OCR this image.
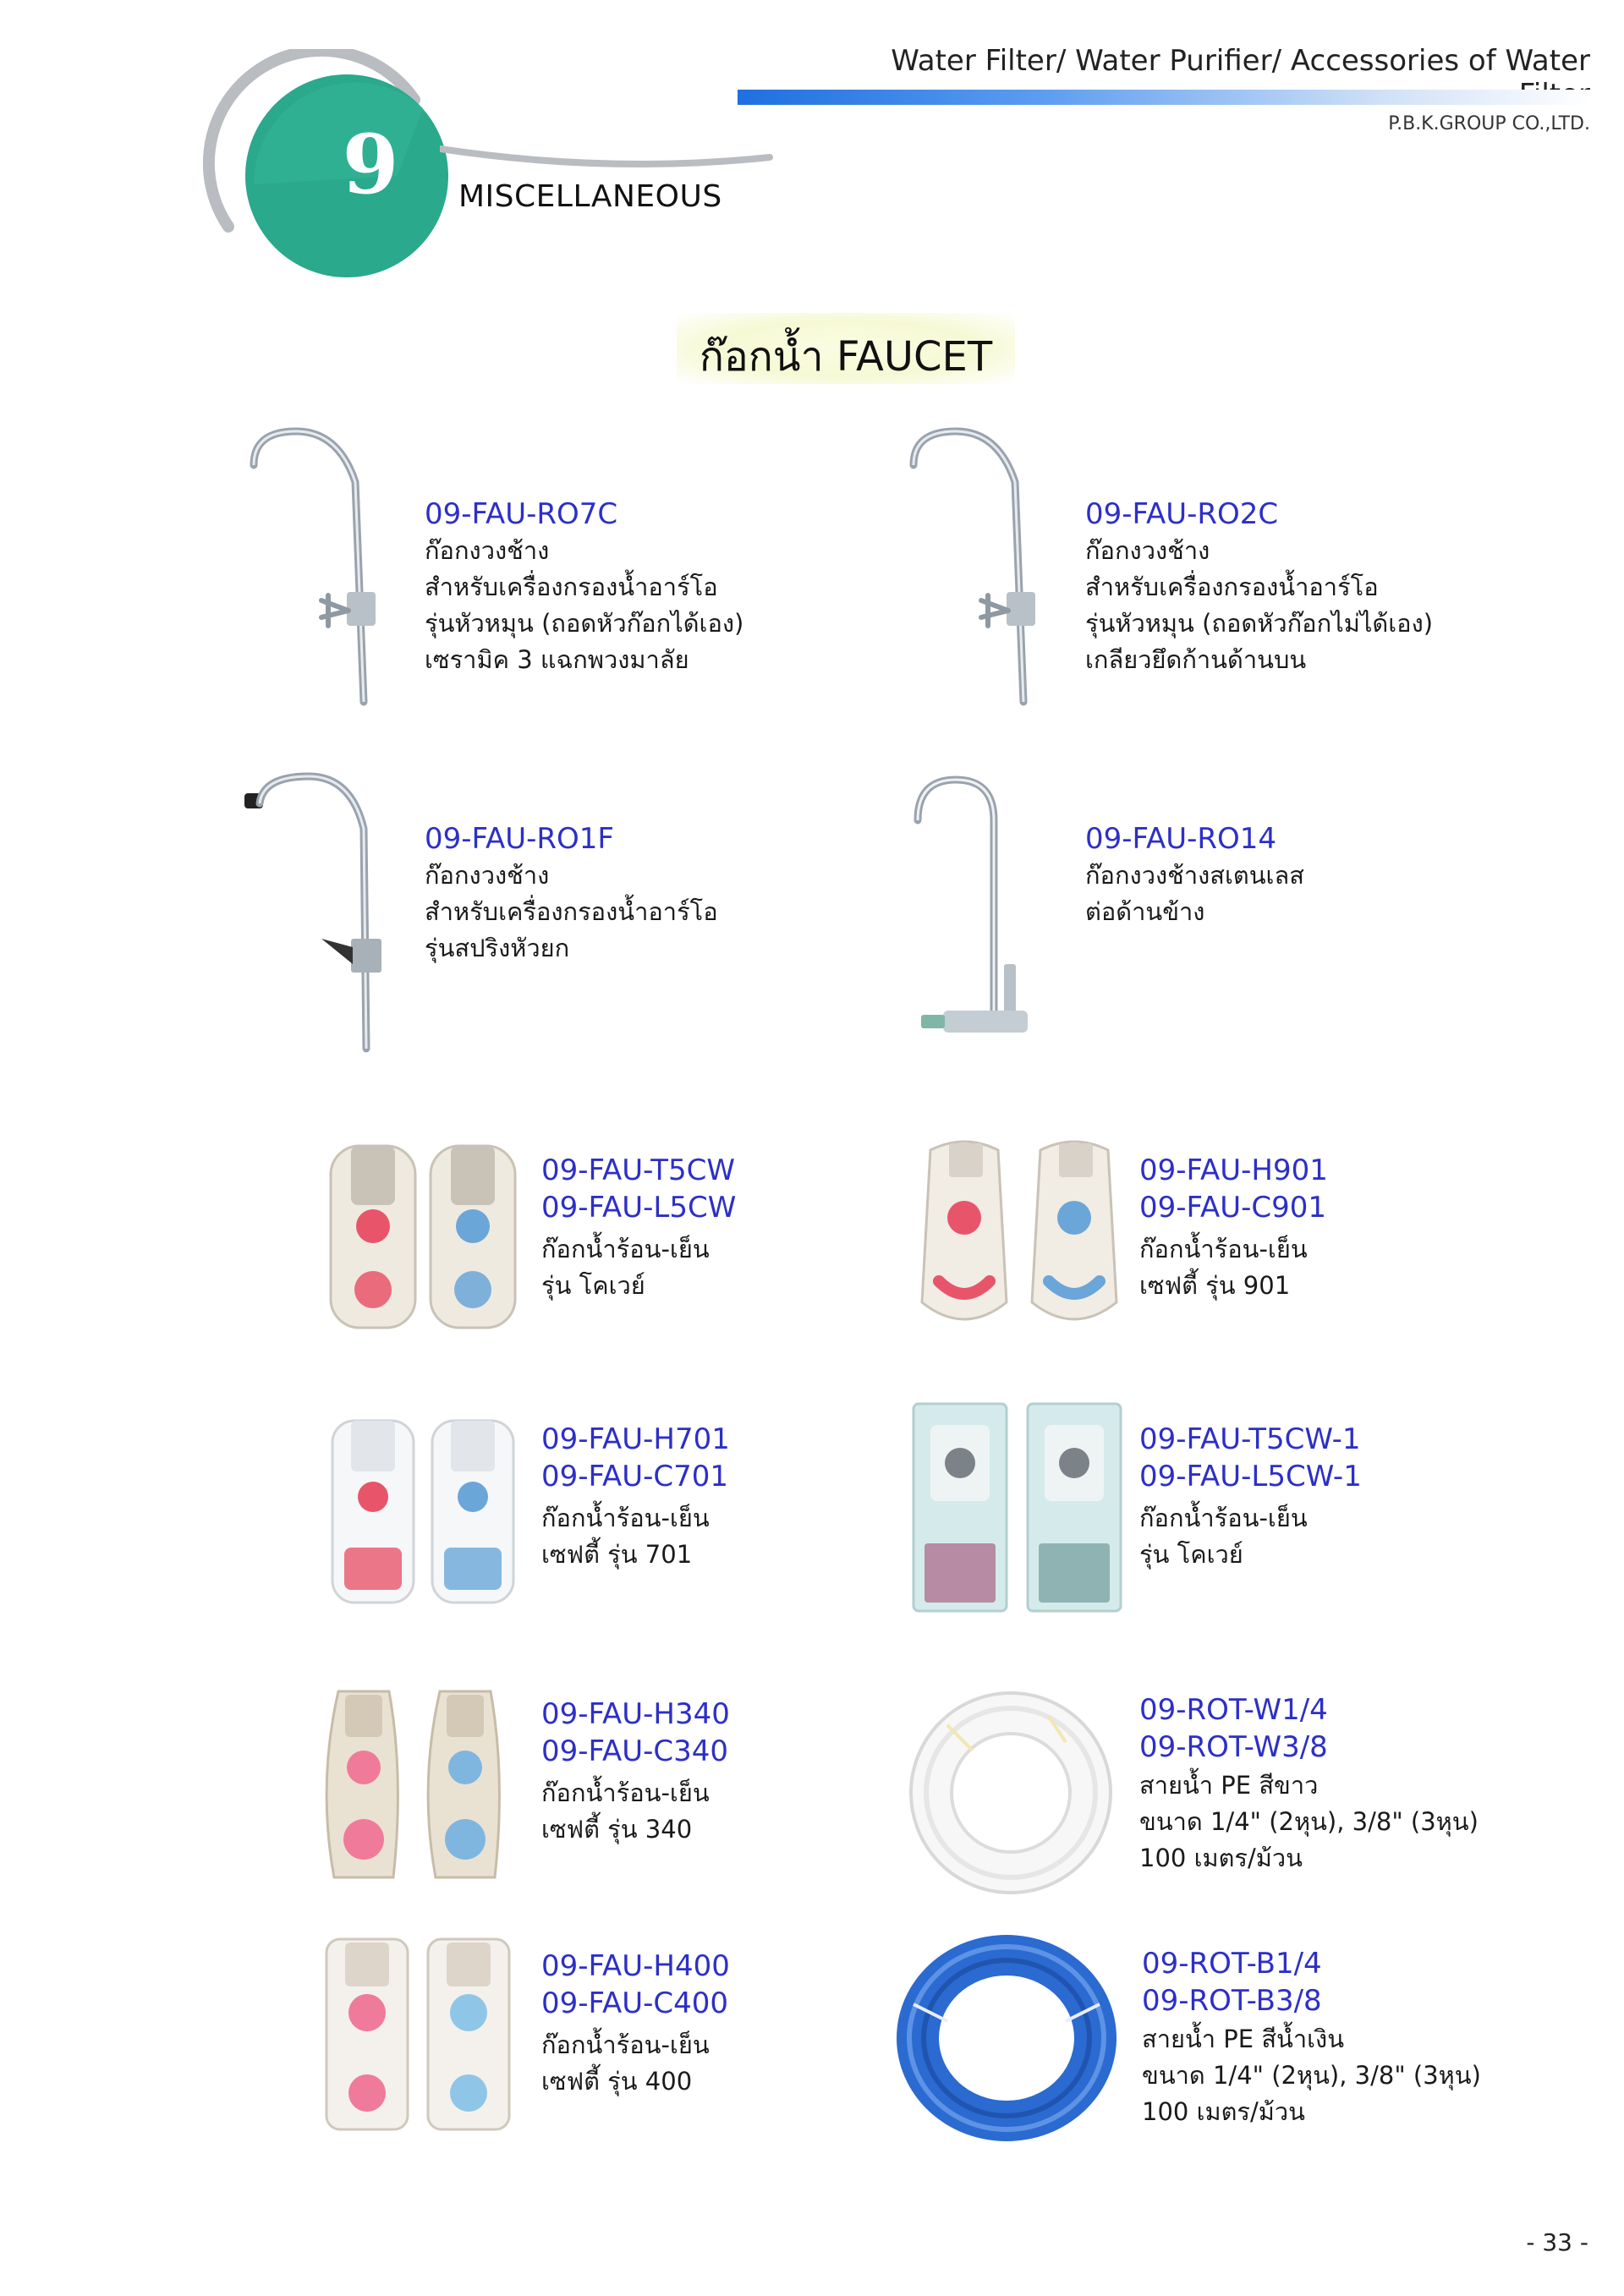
Water Filter/ Water Purifier/ Accessories of Water
P.B.K.GROUP CO.,LTD.
9 MISCELLANEOUS
ก๊อกน้ำ FAUCET
09-FAU-RO7C
ก๊อกงวงช้าง
สำหรับเครื่องกรองน้ำอาร์โอ
รุ่นหัวหมุน (ถอดหัวก๊อกได้เอง)
เซรามิค 3 แฉกพวงมาลัย
09-FAU-RO2C
ก๊อกงวงช้าง
สำหรับเครื่องกรองน้ำอาร์โอ
รุ่นหัวหมุน (ถอดหัวก๊อกไม่ได้เอง)
เกลียวยึดก้านด้านบน
09-FAU-RO1F
ก๊อกงวงช้าง
สำหรับเครื่องกรองน้ำอาร์โอ
รุ่นสปริงหัวยก
09-FAU-RO14
ก๊อกงวงช้างสเตนเลส
ต่อด้านข้าง
09-FAU-T5CW
09-FAU-L5CW
ก๊อกน้ำร้อน-เย็น
รุ่น โคเวย์
09-FAU-H901
09-FAU-C901
ก๊อกน้ำร้อน-เย็น
เซฟตี้ รุ่น 901
09-FAU-H701
09-FAU-C701
ก๊อกน้ำร้อน-เย็น
เซฟตี้ รุ่น 701
09-FAU-T5CW-1
09-FAU-L5CW-1
ก๊อกน้ำร้อน-เย็น
รุ่น โคเวย์
09-FAU-H340
09-FAU-C340
ก๊อกน้ำร้อน-เย็น
เซฟตี้ รุ่น 340
09-ROT-W1/4
09-ROT-W3/8
สายน้ำ PE สีขาว
ขนาด 1/4" (2หุน), 3/8" (3หุน)
100 เมตร/ม้วน
09-FAU-H400
09-FAU-C400
ก๊อกน้ำร้อน-เย็น
เซฟตี้ รุ่น 400
09-ROT-B1/4
09-ROT-B3/8
สายน้ำ PE สีน้ำเงิน
ขนาด 1/4" (2หุน), 3/8" (3หุน)
100 เมตร/ม้วน
- 33 -
